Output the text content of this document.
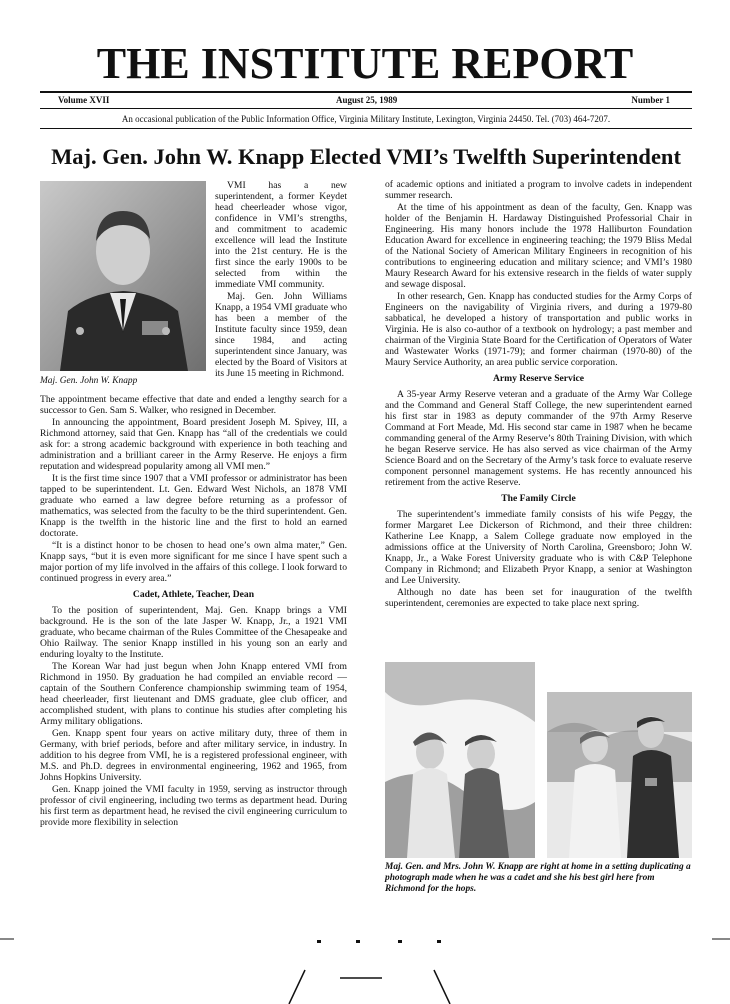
THE INSTITUTE REPORT
Volume XVII	August 25, 1989	Number 1
An occasional publication of the Public Information Office, Virginia Military Institute, Lexington, Virginia 24450. Tel. (703) 464-7207.
Maj. Gen. John W. Knapp Elected VMI’s Twelfth Superintendent
Maj. Gen. John W. Knapp

VMI has a new superintendent, a former Keydet head cheerleader whose vigor, confidence in VMI’s strengths, and commitment to academic excellence will lead the Institute into the 21st century. He is the first since the early 1900s to be selected from within the immediate VMI community.

Maj. Gen. John Williams Knapp, a 1954 VMI graduate who has been a member of the Institute faculty since 1959, dean since 1984, and acting superintendent since January, was elected by the Board of Visitors at its June 15 meeting in Richmond.

The appointment became effective that date and ended a lengthy search for a successor to Gen. Sam S. Walker, who resigned in December.

In announcing the appointment, Board president Joseph M. Spivey, III, a Richmond attorney, said that Gen. Knapp has “all of the credentials we could ask for: a strong academic background with experience in both teaching and administration and a brilliant career in the Army Reserve. He enjoys a firm reputation and widespread popularity among all VMI men.”

It is the first time since 1907 that a VMI professor or administrator has been tapped to be superintendent. Lt. Gen. Edward West Nichols, an 1878 VMI graduate who earned a law degree before returning as a professor of mathematics, was selected from the faculty to be the third superintendent. Gen. Knapp is the twelfth in the historic line and the first to hold an earned doctorate.

“It is a distinct honor to be chosen to head one’s own alma mater,” Gen. Knapp says, “but it is even more significant for me since I have spent such a major portion of my life involved in the affairs of this college. I look forward to continued progress in every area.”

Cadet, Athlete, Teacher, Dean

To the position of superintendent, Maj. Gen. Knapp brings a VMI background. He is the son of the late Jasper W. Knapp, Jr., a 1921 VMI graduate, who became chairman of the Rules Committee of the Chesapeake and Ohio Railway. The senior Knapp instilled in his young son an early and enduring loyalty to the Institute.

The Korean War had just begun when John Knapp entered VMI from Richmond in 1950. By graduation he had compiled an enviable record —captain of the Southern Conference championship swimming team of 1954, head cheerleader, first lieutenant and DMS graduate, glee club officer, and accomplished student, with plans to continue his studies after completing his Army military obligations.

Gen. Knapp spent four years on active military duty, three of them in Germany, with brief periods, before and after military service, in industry. In addition to his degree from VMI, he is a registered professional engineer, with M.S. and Ph.D. degrees in environmental engineering, 1962 and 1965, from Johns Hopkins University.

Gen. Knapp joined the VMI faculty in 1959, serving as instructor through professor of civil engineering, including two terms as department head. During his first term as department head, he revised the civil engineering curriculum to provide more flexibility in selection

of academic options and initiated a program to involve cadets in independent summer research.

At the time of his appointment as dean of the faculty, Gen. Knapp was holder of the Benjamin H. Hardaway Distinguished Professorial Chair in Engineering. His many honors include the 1978 Halliburton Foundation Education Award for excellence in engineering teaching; the 1979 Bliss Medal of the National Society of American Military Engineers in recognition of his contributions to engineering education and military science; and VMI’s 1980 Maury Research Award for his extensive research in the fields of water supply and sewage disposal.

In other research, Gen. Knapp has conducted studies for the Army Corps of Engineers on the navigability of Virginia rivers, and during a 1979-80 sabbatical, he developed a history of transportation and public works in Virginia. He is also co-author of a textbook on hydrology; a past member and chairman of the Virginia State Board for the Certification of Operators of Water and Wastewater Works (1971-79); and former chairman (1970-80) of the Maury Service Authority, an area public service corporation.

Army Reserve Service

A 35-year Army Reserve veteran and a graduate of the Army War College and the Command and General Staff College, the new superintendent earned his first star in 1983 as deputy commander of the 97th Army Reserve Command at Fort Meade, Md. His second star came in 1987 when he became commanding general of the Army Reserve’s 80th Training Division, with which he began Reserve service. He has also served as vice chairman of the Army Science Board and on the Secretary of the Army’s task force to evaluate reserve component personnel management systems. He has recently announced his retirement from the active Reserve.

The Family Circle

The superintendent’s immediate family consists of his wife Peggy, the former Margaret Lee Dickerson of Richmond, and their three children: Katherine Lee Knapp, a Salem College graduate now employed in the admissions office at the University of North Carolina, Greensboro; John W. Knapp, Jr., a Wake Forest University graduate who is with C&P Telephone Company in Richmond; and Elizabeth Pryor Knapp, a senior at Washington and Lee University.

Although no date has been set for inauguration of the twelfth superintendent, ceremonies are expected to take place next spring.

Maj. Gen. and Mrs. John W. Knapp are right at home in a setting duplicating a photograph made when he was a cadet and she his best girl here from Richmond for the hops.
